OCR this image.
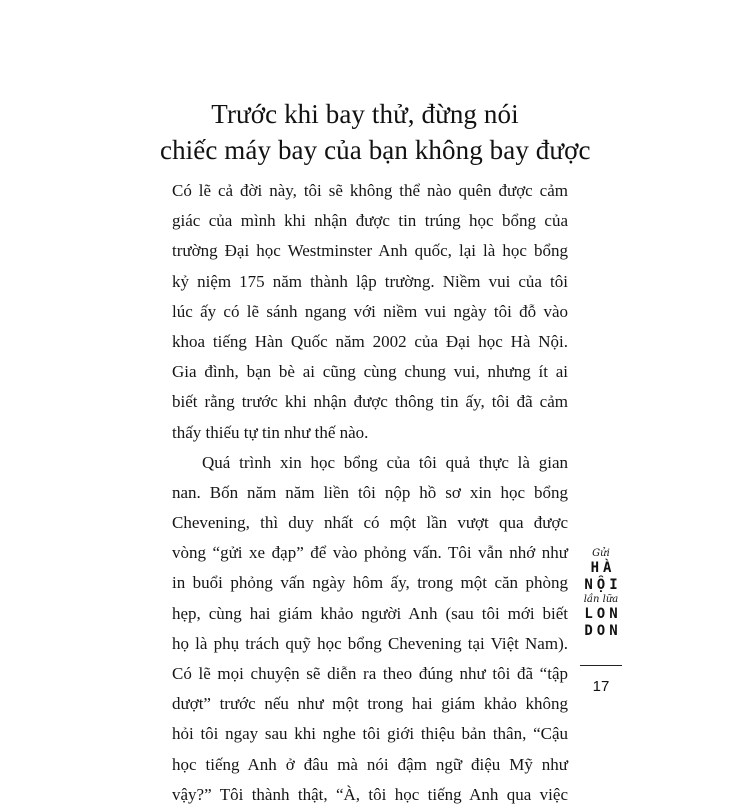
Trước khi bay thử, đừng nói
chiếc máy bay của bạn không bay được
Có lẽ cả đời này, tôi sẽ không thể nào quên được cảm
giác của mình khi nhận được tin trúng học bổng của
trường Đại học Westminster Anh quốc, lại là học bổng
kỷ niệm 175 năm thành lập trường. Niềm vui của tôi
lúc ấy có lẽ sánh ngang với niềm vui ngày tôi đỗ vào
khoa tiếng Hàn Quốc năm 2002 của Đại học Hà Nội.
Gia đình, bạn bè ai cũng cùng chung vui, nhưng ít ai
biết rằng trước khi nhận được thông tin ấy, tôi đã cảm
thấy thiếu tự tin như thế nào.
Quá trình xin học bổng của tôi quả thực là gian
nan. Bốn năm năm liền tôi nộp hồ sơ xin học bổng
Chevening, thì duy nhất có một lần vượt qua được
vòng “gửi xe đạp” để vào phỏng vấn. Tôi vẫn nhớ như
in buổi phỏng vấn ngày hôm ấy, trong một căn phòng
hẹp, cùng hai giám khảo người Anh (sau tôi mới biết
họ là phụ trách quỹ học bổng Chevening tại Việt Nam).
Có lẽ mọi chuyện sẽ diễn ra theo đúng như tôi đã “tập
dượt” trước nếu như một trong hai giám khảo không
hỏi tôi ngay sau khi nghe tôi giới thiệu bản thân, “Cậu
học tiếng Anh ở đâu mà nói đậm ngữ điệu Mỹ như
vậy?” Tôi thành thật, “À, tôi học tiếng Anh qua việc
Gửi
HÀ
NỘI
lần lữa
LON
DON
17
